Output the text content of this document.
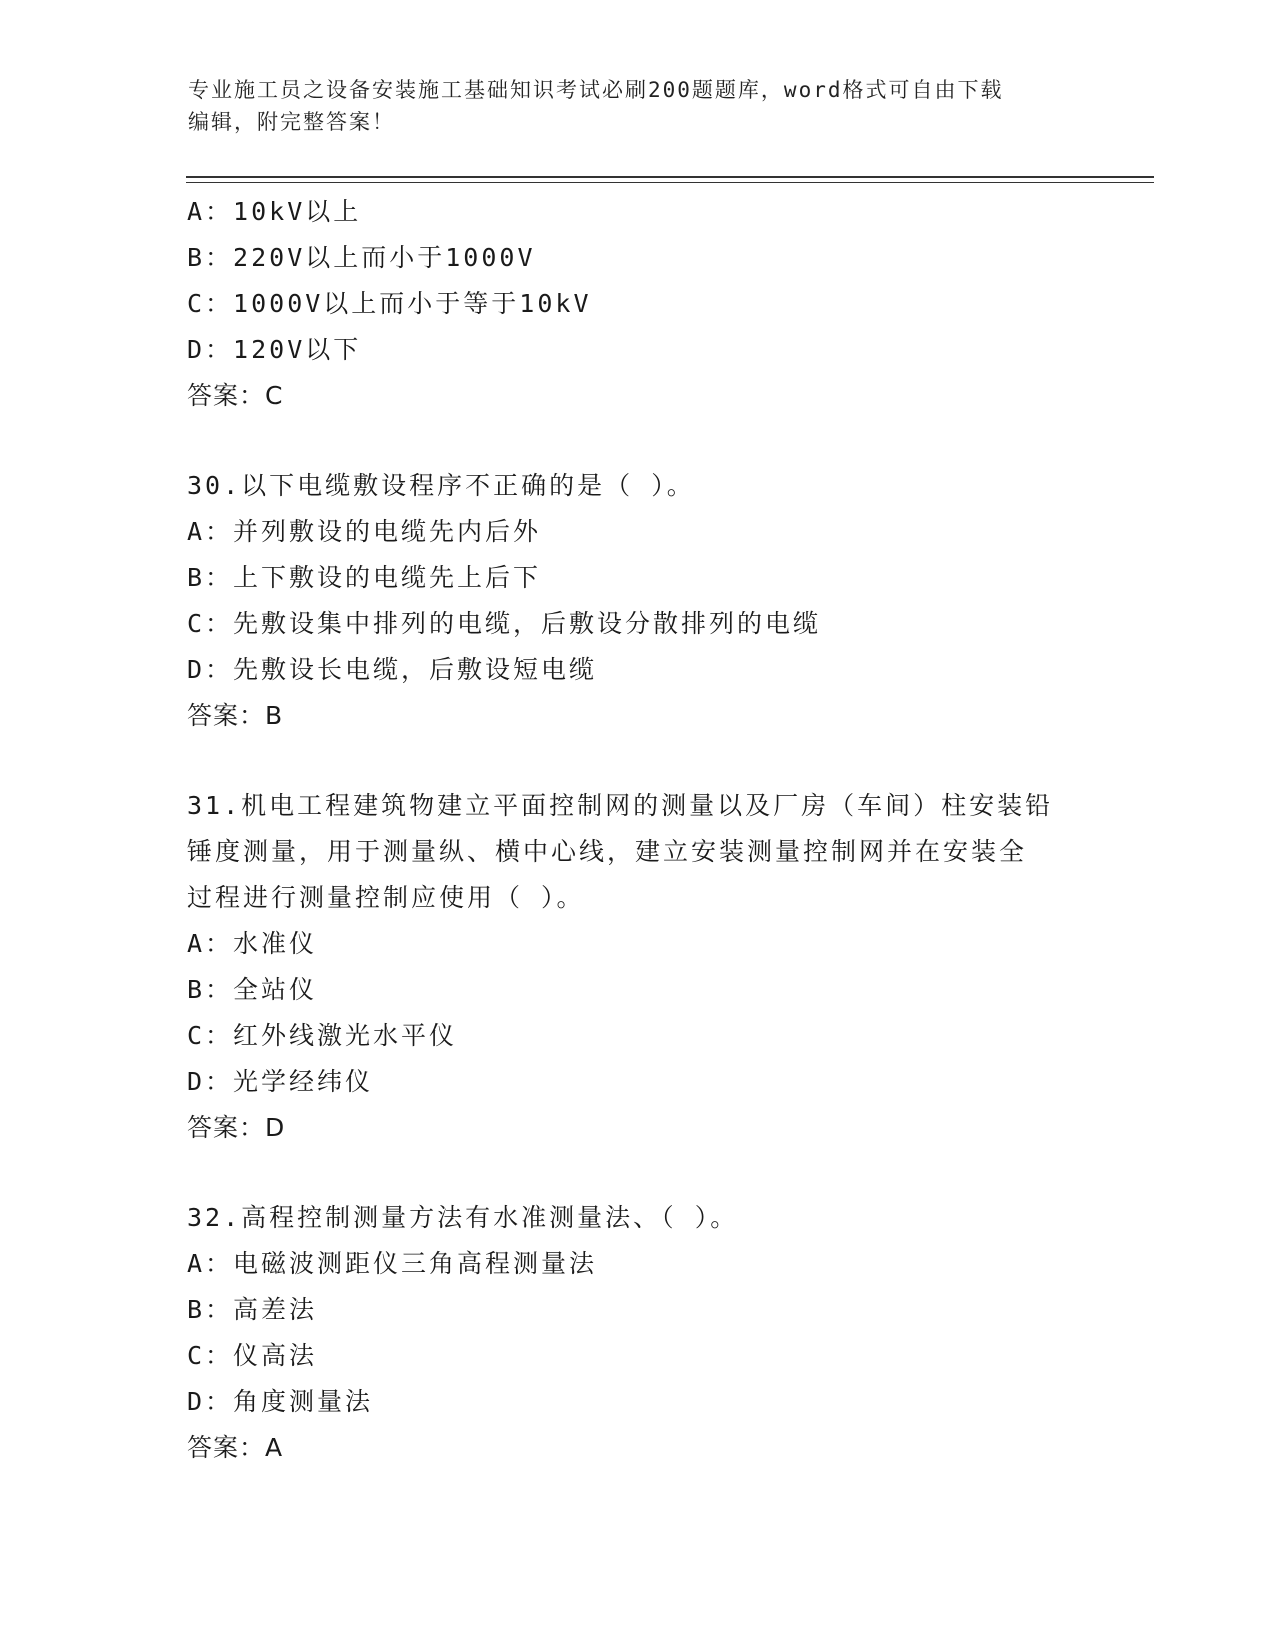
专业施工员之设备安装施工基础知识考试必刷200题题库，word格式可自由下载
编辑，附完整答案！
A：10kV以上
B：220V以上而小于1000V
C：1000V以上而小于等于10kV
D：120V以下
答案：C
30.以下电缆敷设程序不正确的是（ ）。
A：并列敷设的电缆先内后外
B：上下敷设的电缆先上后下
C：先敷设集中排列的电缆，后敷设分散排列的电缆
D：先敷设长电缆，后敷设短电缆
答案：B
31.机电工程建筑物建立平面控制网的测量以及厂房（车间）柱安装铅
锤度测量，用于测量纵、横中心线，建立安装测量控制网并在安装全
过程进行测量控制应使用（ ）。
A：水准仪
B：全站仪
C：红外线激光水平仪
D：光学经纬仪
答案：D
32.高程控制测量方法有水准测量法、（ ）。
A：电磁波测距仪三角高程测量法
B：高差法
C：仪高法
D：角度测量法
答案：A
